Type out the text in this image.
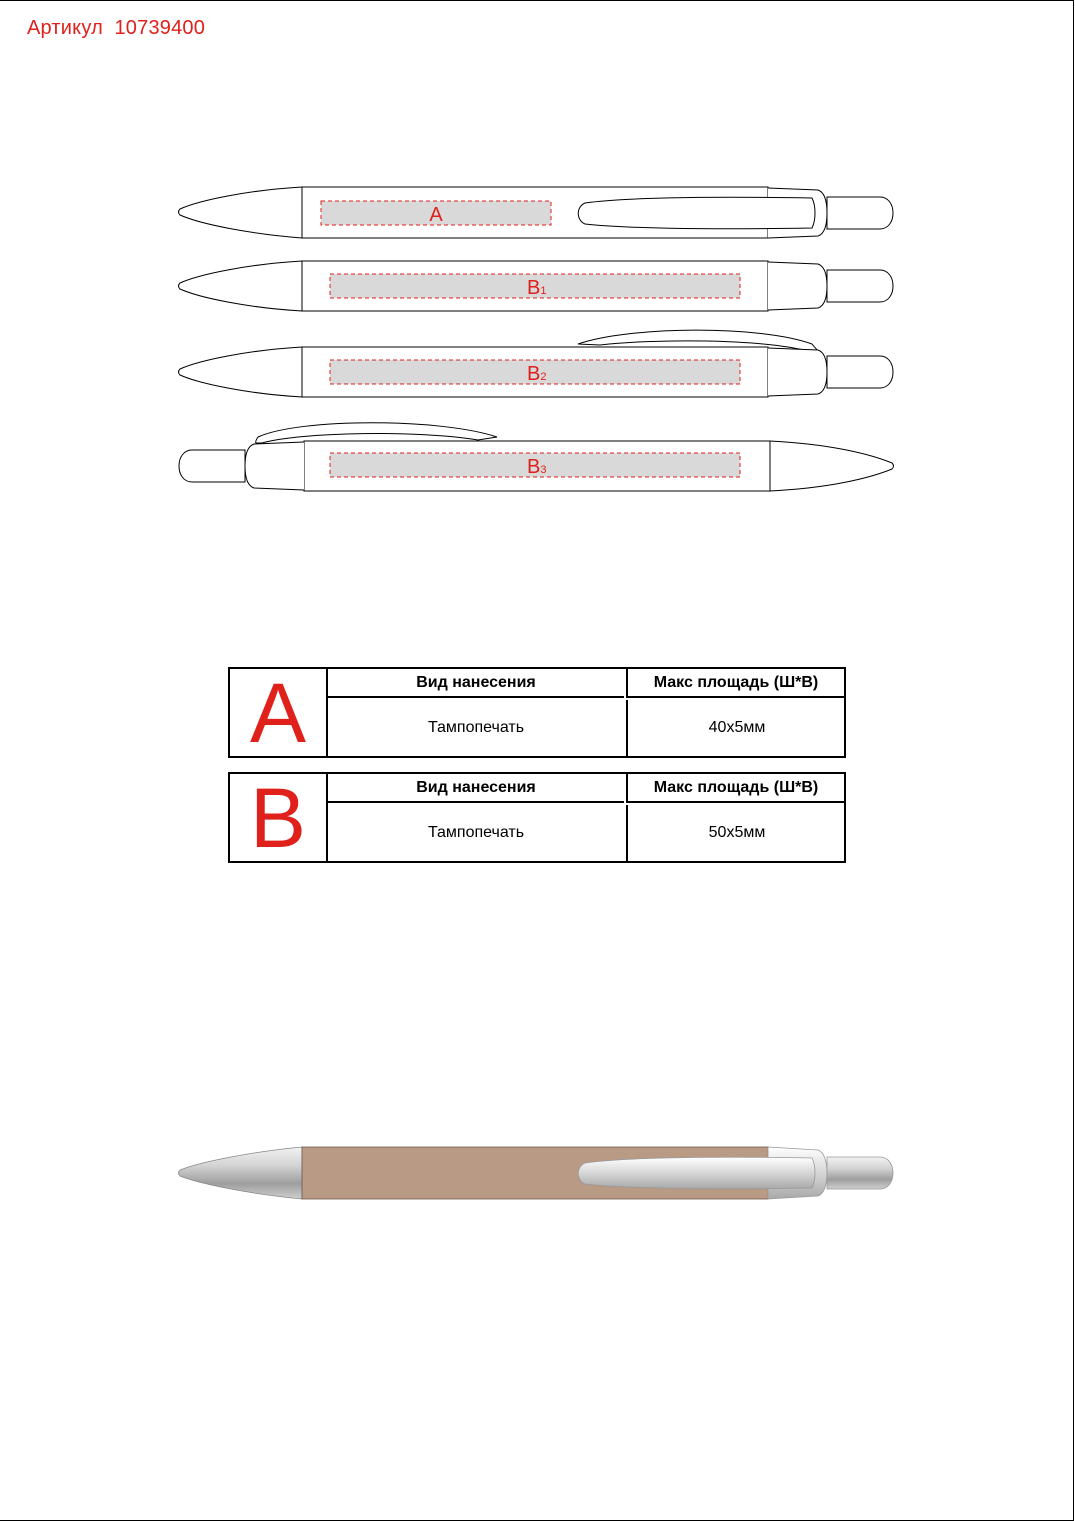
Артикул  10739400
A
B1
B2
B3
A	Вид нанесения	Макс площадь (Ш*В)
Тампопечать	40x5мм
B	Вид нанесения	Макс площадь (Ш*В)
Тампопечать	50x5мм
